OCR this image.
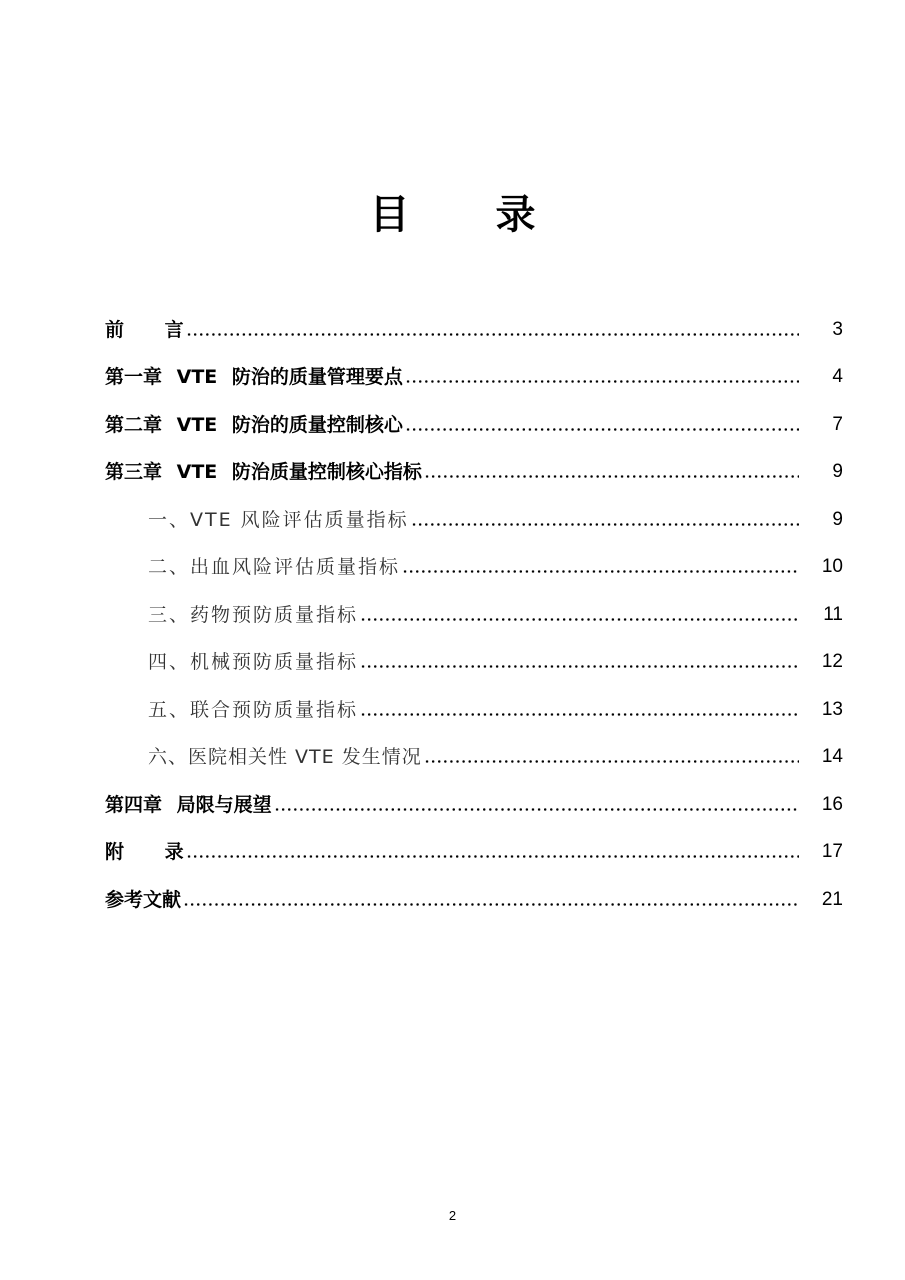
目 录
前 言	3
第一章 VTE 防治的质量管理要点	4
第二章 VTE 防治的质量控制核心	7
第三章 VTE 防治质量控制核心指标	9
一、VTE 风险评估质量指标	9
二、出血风险评估质量指标	10
三、药物预防质量指标	11
四、机械预防质量指标	12
五、联合预防质量指标	13
六、医院相关性 VTE 发生情况	14
第四章 局限与展望	16
附 录	17
参考文献	21
2
